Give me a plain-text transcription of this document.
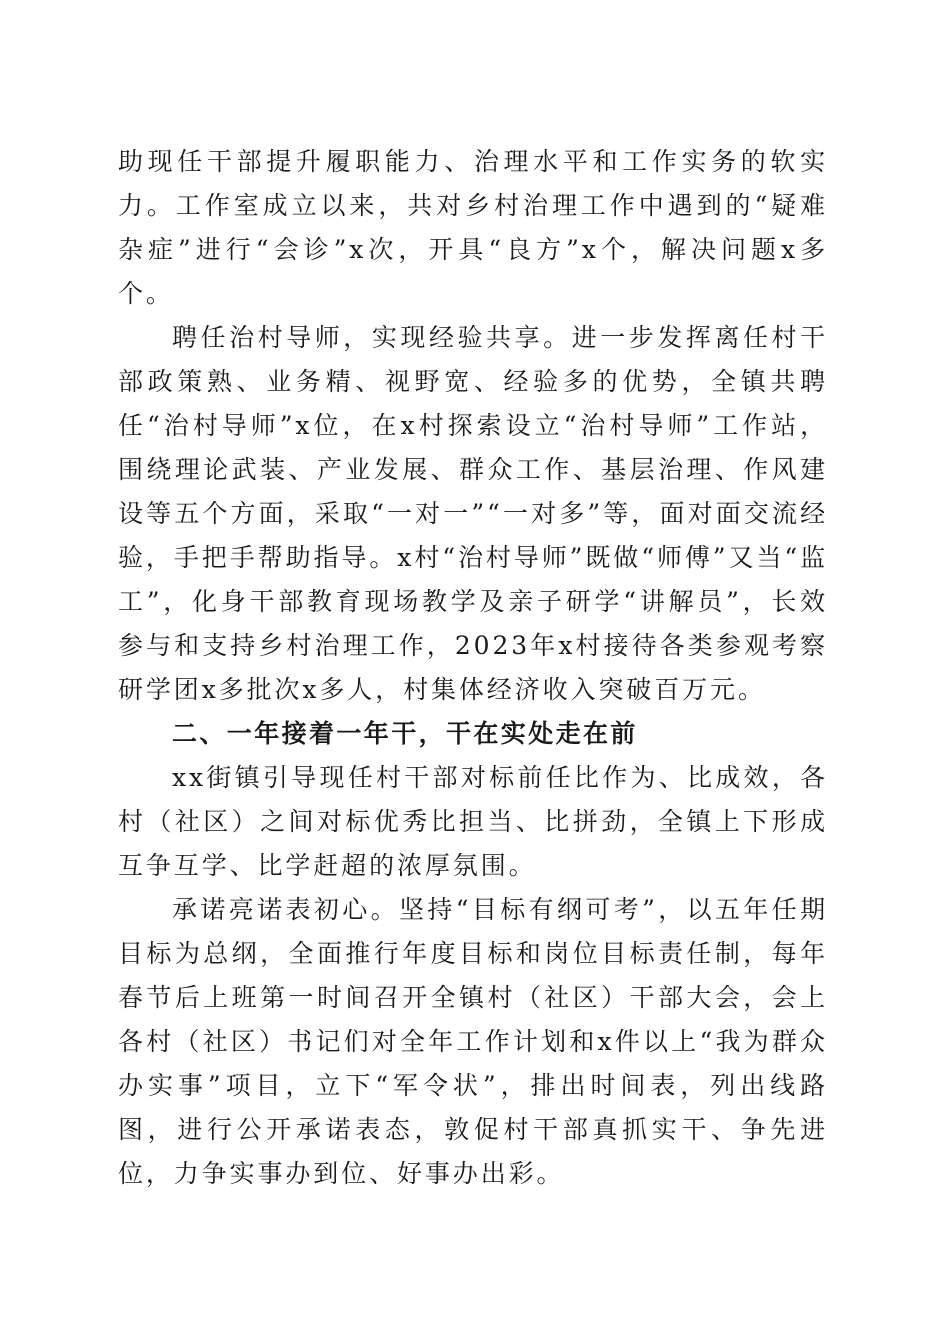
助现任干部提升履职能力、治理水平和工作实务的软实力。工作室成立以来，共对乡村治理工作中遇到的“疑难杂症”进行“会诊”x次，开具“良方”x个，解决问题x多个。

聘任治村导师，实现经验共享。进一步发挥离任村干部政策熟、业务精、视野宽、经验多的优势，全镇共聘任“治村导师”x位，在x村探索设立“治村导师”工作站，围绕理论武装、产业发展、群众工作、基层治理、作风建设等五个方面，采取“一对一”“一对多”等，面对面交流经验，手把手帮助指导。x村“治村导师”既做“师傅”又当“监工”，化身干部教育现场教学及亲子研学“讲解员”，长效参与和支持乡村治理工作，2023年x村接待各类参观考察研学团x多批次x多人，村集体经济收入突破百万元。

二、一年接着一年干，干在实处走在前

xx街镇引导现任村干部对标前任比作为、比成效，各村（社区）之间对标优秀比担当、比拼劲，全镇上下形成互争互学、比学赶超的浓厚氛围。

承诺亮诺表初心。坚持“目标有纲可考”，以五年任期目标为总纲，全面推行年度目标和岗位目标责任制，每年春节后上班第一时间召开全镇村（社区）干部大会，会上各村（社区）书记们对全年工作计划和x件以上“我为群众办实事”项目，立下“军令状”，排出时间表，列出线路图，进行公开承诺表态，敦促村干部真抓实干、争先进位，力争实事办到位、好事办出彩。
